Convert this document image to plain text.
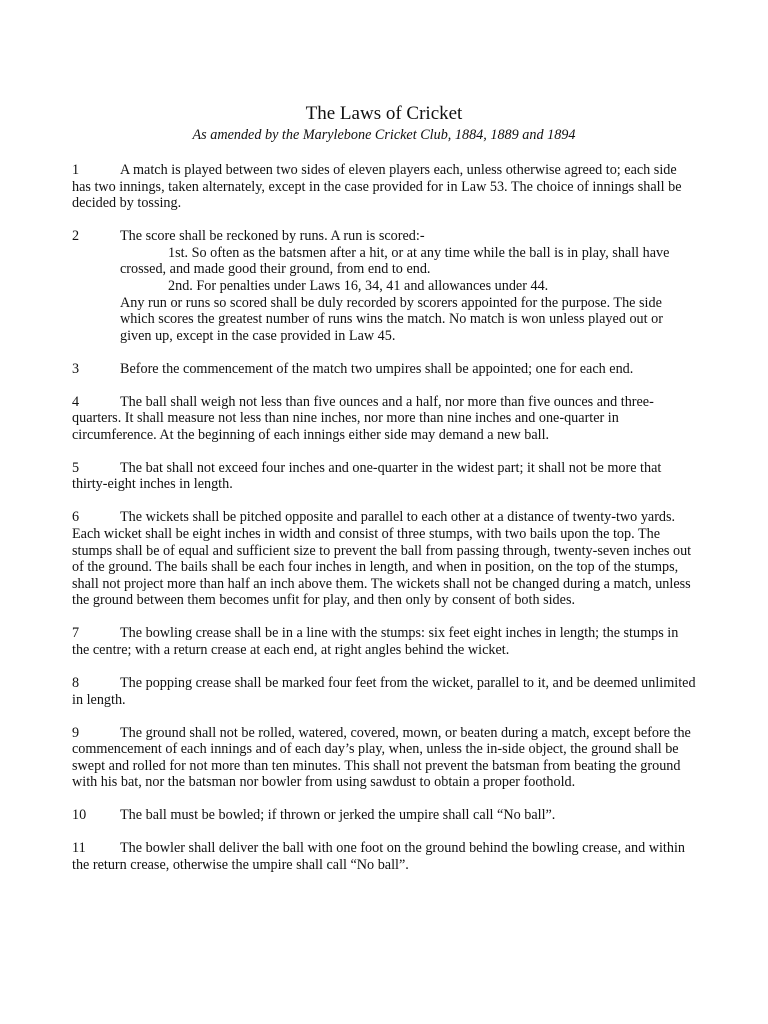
The Laws of Cricket
As amended by the Marylebone Cricket Club, 1884, 1889 and 1894
1	A match is played between two sides of eleven players each, unless otherwise agreed to; each side has two innings, taken alternately, except in the case provided for in Law 53. The choice of innings shall be decided by tossing.

2	The score shall be reckoned by runs. A run is scored:-

1st. So often as the batsmen after a hit, or at any time while the ball is in play, shall have crossed, and made good their ground, from end to end.
2nd. For penalties under Laws 16, 34, 41 and allowances under 44.
Any run or runs so scored shall be duly recorded by scorers appointed for the purpose. The side which scores the greatest number of runs wins the match. No match is won unless played out or given up, except in the case provided in Law 45.

3	Before the commencement of the match two umpires shall be appointed; one for each end.
4	The ball shall weigh not less than five ounces and a half, nor more than five ounces and three-quarters. It shall measure not less than nine inches, nor more than nine inches and one-quarter in circumference. At the beginning of each innings either side may demand a new ball.
5	The bat shall not exceed four inches and one-quarter in the widest part; it shall not be more that thirty-eight inches in length.
6	The wickets shall be pitched opposite and parallel to each other at a distance of twenty-two yards. Each wicket shall be eight inches in width and consist of three stumps, with two bails upon the top. The stumps shall be of equal and sufficient size to prevent the ball from passing through, twenty-seven inches out of the ground. The bails shall be each four inches in length, and when in position, on the top of the stumps, shall not project more than half an inch above them. The wickets shall not be changed during a match, unless the ground between them becomes unfit for play, and then only by consent of both sides.
7	The bowling crease shall be in a line with the stumps: six feet eight inches in length; the stumps in the centre; with a return crease at each end, at right angles behind the wicket.
8	The popping crease shall be marked four feet from the wicket, parallel to it, and be deemed unlimited in length.
9	The ground shall not be rolled, watered, covered, mown, or beaten during a match, except before the commencement of each innings and of each day’s play, when, unless the in-side object, the ground shall be swept and rolled for not more than ten minutes. This shall not prevent the batsman from beating the ground with his bat, nor the batsman nor bowler from using sawdust to obtain a proper foothold.
10 The ball must be bowled; if thrown or jerked the umpire shall call “No ball”.
11 The bowler shall deliver the ball with one foot on the ground behind the bowling crease, and within the return crease, otherwise the umpire shall call “No ball”.
